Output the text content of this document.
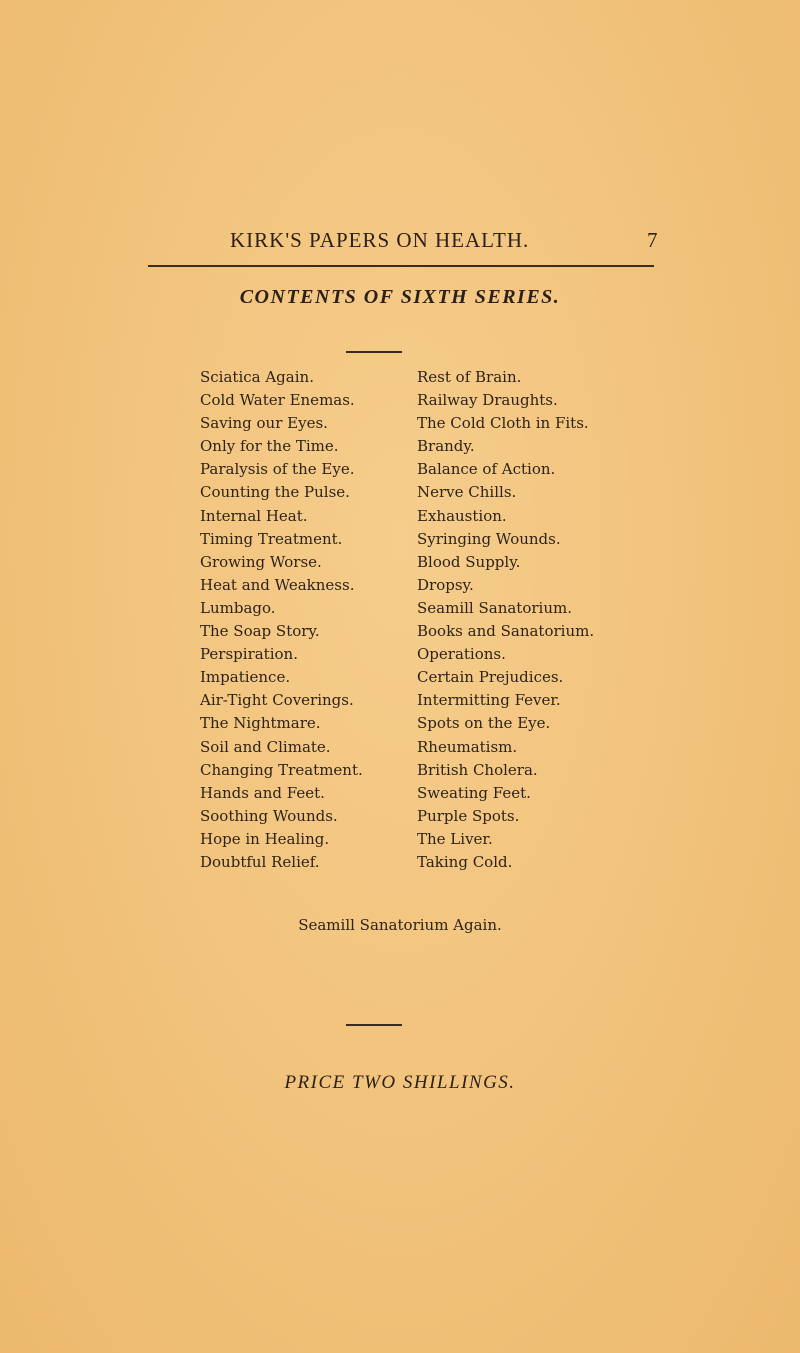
KIRK'S PAPERS ON HEALTH.	7
CONTENTS OF SIXTH SERIES.
Sciatica Again.
Cold Water Enemas.
Saving our Eyes.
Only for the Time.
Paralysis of the Eye.
Counting the Pulse.
Internal Heat.
Timing Treatment.
Growing Worse.
Heat and Weakness.
Lumbago.
The Soap Story.
Perspiration.
Impatience.
Air-Tight Coverings.
The Nightmare.
Soil and Climate.
Changing Treatment.
Hands and Feet.
Soothing Wounds.
Hope in Healing.
Doubtful Relief.
Rest of Brain.
Railway Draughts.
The Cold Cloth in Fits.
Brandy.
Balance of Action.
Nerve Chills.
Exhaustion.
Syringing Wounds.
Blood Supply.
Dropsy.
Seamill Sanatorium.
Books and Sanatorium.
Operations.
Certain Prejudices.
Intermitting Fever.
Spots on the Eye.
Rheumatism.
British Cholera.
Sweating Feet.
Purple Spots.
The Liver.
Taking Cold.
Seamill Sanatorium Again.
PRICE TWO SHILLINGS.
